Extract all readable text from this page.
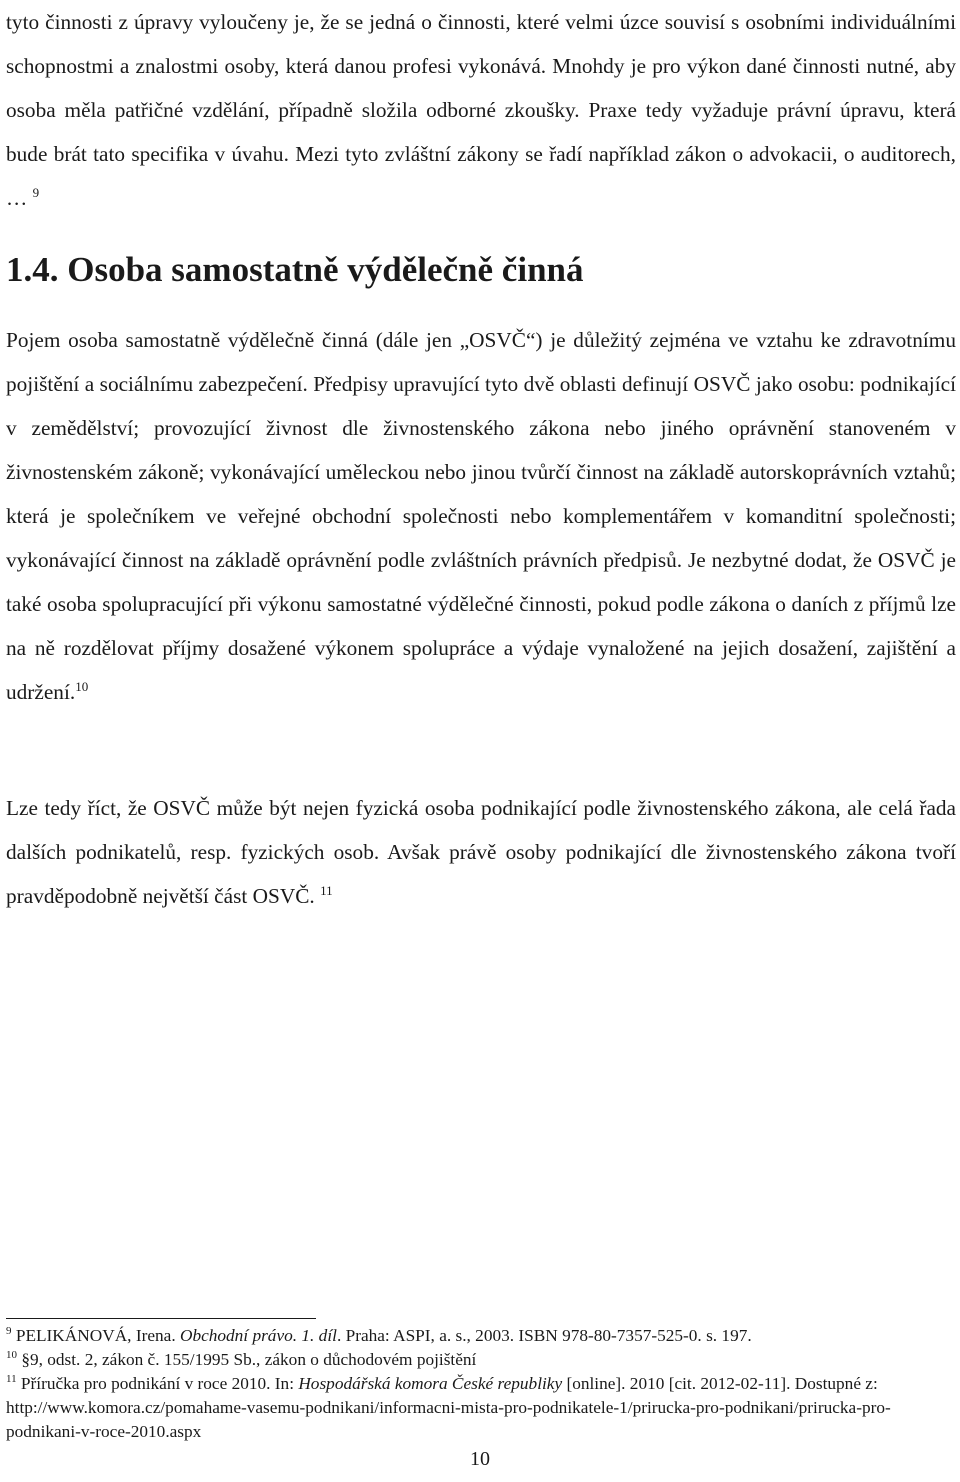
tyto činnosti z úpravy vyloučeny je, že se jedná o činnosti, které velmi úzce souvisí s osobními individuálními schopnostmi a znalostmi osoby, která danou profesi vykonává. Mnohdy je pro výkon dané činnosti nutné, aby osoba měla patřičné vzdělání, případně složila odborné zkoušky. Praxe tedy vyžaduje právní úpravu, která bude brát tato specifika v úvahu. Mezi tyto zvláštní zákony se řadí například zákon o advokacii, o auditorech, … $^9$

1.4. Osoba samostatně výdělečně činná

Pojem osoba samostatně výdělečně činná (dále jen „OSVČ“) je důležitý zejména ve vztahu ke zdravotnímu pojištění a sociálnímu zabezpečení. Předpisy upravující tyto dvě oblasti definují OSVČ jako osobu: podnikající v zemědělství; provozující živnost dle živnostenského zákona nebo jiného oprávnění stanoveném v živnostenském zákoně; vykonávající uměleckou nebo jinou tvůrčí činnost na základě autorskoprávních vztahů; která je společníkem ve veřejné obchodní společnosti nebo komplementářem v komanditní společnosti; vykonávající činnost na základě oprávnění podle zvláštních právních předpisů. Je nezbytné dodat, že OSVČ je také osoba spolupracující při výkonu samostatné výdělečné činnosti, pokud podle zákona o daních z příjmů lze na ně rozdělovat příjmy dosažené výkonem spolupráce a výdaje vynaložené na jejich dosažení, zajištění a udržení.$^{10}$

Lze tedy říct, že OSVČ může být nejen fyzická osoba podnikající podle živnostenského zákona, ale celá řada dalších podnikatelů, resp. fyzických osob. Avšak právě osoby podnikající dle živnostenského zákona tvoří pravděpodobně největší část OSVČ. $^{11}$

$^9$ PELIKÁNOVÁ, Irena. Obchodní právo. 1. díl. Praha: ASPI, a. s., 2003. ISBN 978-80-7357-525-0. s. 197.

$^{10}$ §9, odst. 2, zákon č. 155/1995 Sb., zákon o důchodovém pojištění

$^{11}$ Příručka pro podnikání v roce 2010. In: Hospodářská komora České republiky [online]. 2010 [cit. 2012-02-11]. Dostupné z: http://www.komora.cz/pomahame-vasemu-podnikani/informacni-mista-pro-podnikatele-1/prirucka-pro-podnikani/prirucka-pro-podnikani-v-roce-2010.aspx

10
